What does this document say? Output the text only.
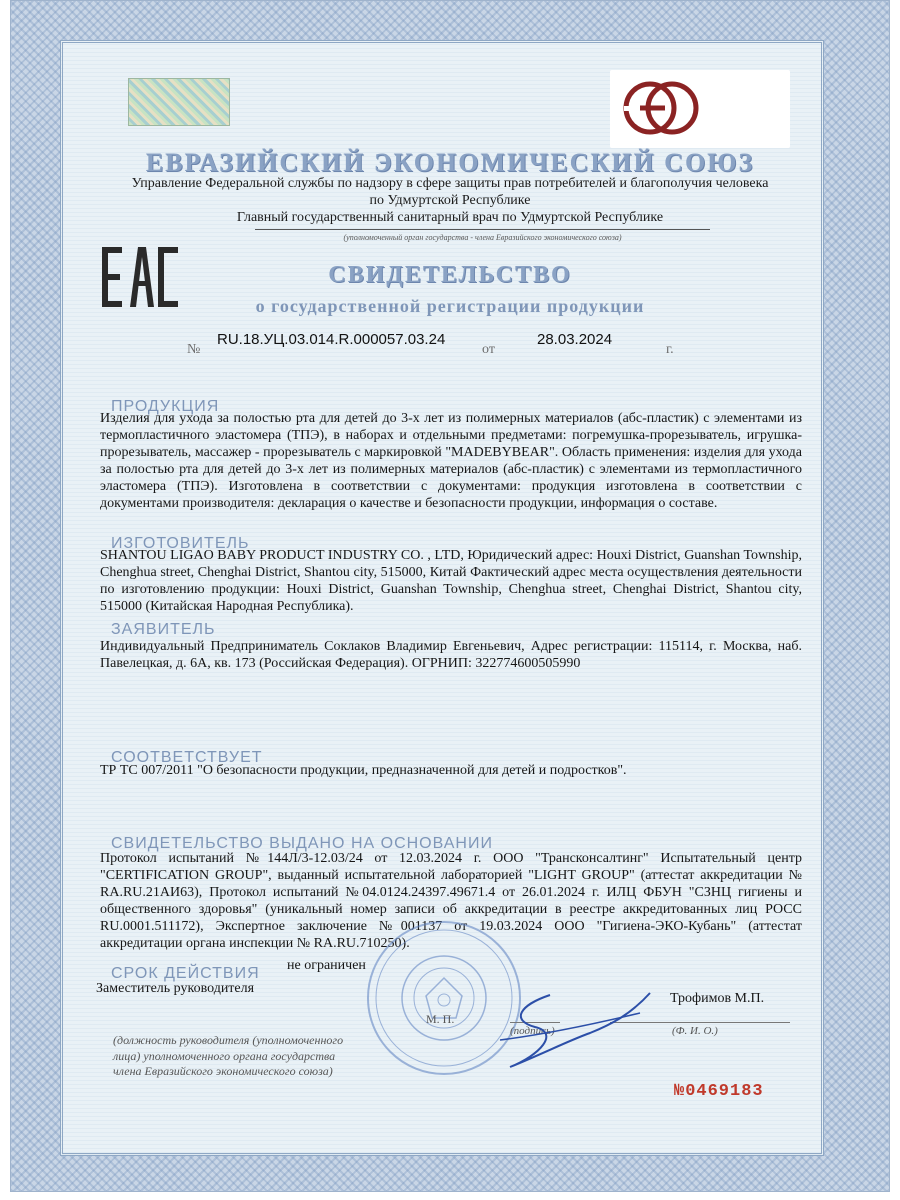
ЕВРАЗИЙСКИЙ ЭКОНОМИЧЕСКИЙ СОЮЗ
Управление Федеральной службы по надзору в сфере защиты прав потребителей и благополучия человека
по Удмуртской Республике
Главный государственный санитарный врач по Удмуртской Республике
(уполномоченный орган государства - члена Евразийского экономического союза)
СВИДЕТЕЛЬСТВО
о государственной регистрации продукции
№
RU.18.УЦ.03.014.R.000057.03.24
от
28.03.2024
г.
ПРОДУКЦИЯ
Изделия для ухода за полостью рта для детей до 3-х лет из полимерных материалов (абс-пластик) с элементами из термопластичного эластомера (ТПЭ), в наборах и отдельными предметами: погремушка-прорезыватель, игрушка-прорезыватель, массажер - прорезыватель с маркировкой "MADEBYBEAR". Область применения: изделия для ухода за полостью рта для детей до 3-х лет из полимерных материалов (абс-пластик) с элементами из термопластичного эластомера (ТПЭ). Изготовлена в соответствии с документами: продукция изготовлена в соответствии с документами производителя: декларация о качестве и безопасности продукции, информация о составе.
ИЗГОТОВИТЕЛЬ
SHANTOU LIGAO BABY PRODUCT INDUSTRY CO. , LTD, Юридический адрес: Houxi District, Guanshan Township, Chenghua street, Chenghai District, Shantou city, 515000, Китай Фактический адрес места осуществления деятельности по изготовлению продукции: Houxi District, Guanshan Township, Chenghua street, Chenghai District, Shantou city, 515000 (Китайская Народная Республика).
ЗАЯВИТЕЛЬ
Индивидуальный Предприниматель Соклаков Владимир Евгеньевич, Адрес регистрации: 115114, г. Москва, наб. Павелецкая, д. 6А, кв. 173 (Российская Федерация). ОГРНИП: 322774600505990
СООТВЕТСТВУЕТ
ТР ТС 007/2011 "О безопасности продукции, предназначенной для детей и подростков".
СВИДЕТЕЛЬСТВО ВЫДАНО НА ОСНОВАНИИ
Протокол испытаний №144Л/3-12.03/24 от 12.03.2024 г. ООО "Трансконсалтинг" Испытательный центр "CERTIFICATION GROUP", выданный испытательной лабораторией "LIGHT GROUP" (аттестат аккредитации № RA.RU.21АИ63), Протокол испытаний №04.0124.24397.49671.4 от 26.01.2024 г. ИЛЦ ФБУН "СЗНЦ гигиены и общественного здоровья" (уникальный номер записи об аккредитации в реестре аккредитованных лиц РОСС RU.0001.511172), Экспертное заключение №001137 от 19.03.2024 ООО "Гигиена-ЭКО-Кубань" (аттестат аккредитации органа инспекции № RA.RU.710250).
СРОК ДЕЙСТВИЯ не ограничен
Заместитель руководителя
Трофимов М.П.
М. П.
(подпись)	(Ф. И. О.)
(должность руководителя (уполномоченного
лица) уполномоченного органа государства
члена Евразийского экономического союза)
№0469183
